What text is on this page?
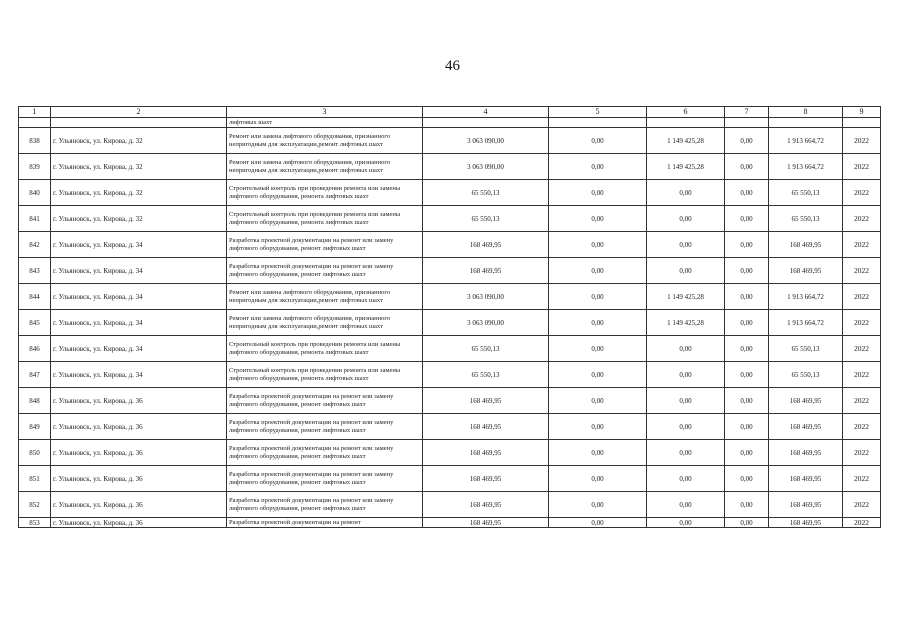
46
1	2	3	4	5	6	7	8	9
		лифтовых шахт						
838	г. Ульяновск, ул. Кирова, д. 32	Ремонт или замена лифтового оборудования, признанного непригодным для эксплуатации,ремонт лифтовых шахт	3 063 090,00	0,00	1 149 425,28	0,00	1 913 664,72	2022
839	г. Ульяновск, ул. Кирова, д. 32	Ремонт или замена лифтового оборудования, признанного непригодным для эксплуатации,ремонт лифтовых шахт	3 063 090,00	0,00	1 149 425,28	0,00	1 913 664,72	2022
840	г. Ульяновск, ул. Кирова, д. 32	Строительный контроль при проведении ремонта или замены лифтового оборудования, ремонта лифтовых шахт	65 550,13	0,00	0,00	0,00	65 550,13	2022
841	г. Ульяновск, ул. Кирова, д. 32	Строительный контроль при проведении ремонта или замены лифтового оборудования, ремонта лифтовых шахт	65 550,13	0,00	0,00	0,00	65 550,13	2022
842	г. Ульяновск, ул. Кирова, д. 34	Разработка проектной документации на ремонт или замену лифтового оборудования, ремонт лифтовых шахт	168 469,95	0,00	0,00	0,00	168 469,95	2022
843	г. Ульяновск, ул. Кирова, д. 34	Разработка проектной документации на ремонт или замену лифтового оборудования, ремонт лифтовых шахт	168 469,95	0,00	0,00	0,00	168 469,95	2022
844	г. Ульяновск, ул. Кирова, д. 34	Ремонт или замена лифтового оборудования, признанного непригодным для эксплуатации,ремонт лифтовых шахт	3 063 090,00	0,00	1 149 425,28	0,00	1 913 664,72	2022
845	г. Ульяновск, ул. Кирова, д. 34	Ремонт или замена лифтового оборудования, признанного непригодным для эксплуатации,ремонт лифтовых шахт	3 063 090,00	0,00	1 149 425,28	0,00	1 913 664,72	2022
846	г. Ульяновск, ул. Кирова, д. 34	Строительный контроль при проведении ремонта или замены лифтового оборудования, ремонта лифтовых шахт	65 550,13	0,00	0,00	0,00	65 550,13	2022
847	г. Ульяновск, ул. Кирова, д. 34	Строительный контроль при проведении ремонта или замены лифтового оборудования, ремонта лифтовых шахт	65 550,13	0,00	0,00	0,00	65 550,13	2022
848	г. Ульяновск, ул. Кирова, д. 36	Разработка проектной документации на ремонт или замену лифтового оборудования, ремонт лифтовых шахт	168 469,95	0,00	0,00	0,00	168 469,95	2022
849	г. Ульяновск, ул. Кирова, д. 36	Разработка проектной документации на ремонт или замену лифтового оборудования, ремонт лифтовых шахт	168 469,95	0,00	0,00	0,00	168 469,95	2022
850	г. Ульяновск, ул. Кирова, д. 36	Разработка проектной документации на ремонт или замену лифтового оборудования, ремонт лифтовых шахт	168 469,95	0,00	0,00	0,00	168 469,95	2022
851	г. Ульяновск, ул. Кирова, д. 36	Разработка проектной документации на ремонт или замену лифтового оборудования, ремонт лифтовых шахт	168 469,95	0,00	0,00	0,00	168 469,95	2022
852	г. Ульяновск, ул. Кирова, д. 36	Разработка проектной документации на ремонт или замену лифтового оборудования, ремонт лифтовых шахт	168 469,95	0,00	0,00	0,00	168 469,95	2022
853	г. Ульяновск, ул. Кирова, д. 36	Разработка проектной документации на ремонт	168 469,95	0,00	0,00	0,00	168 469,95	2022
